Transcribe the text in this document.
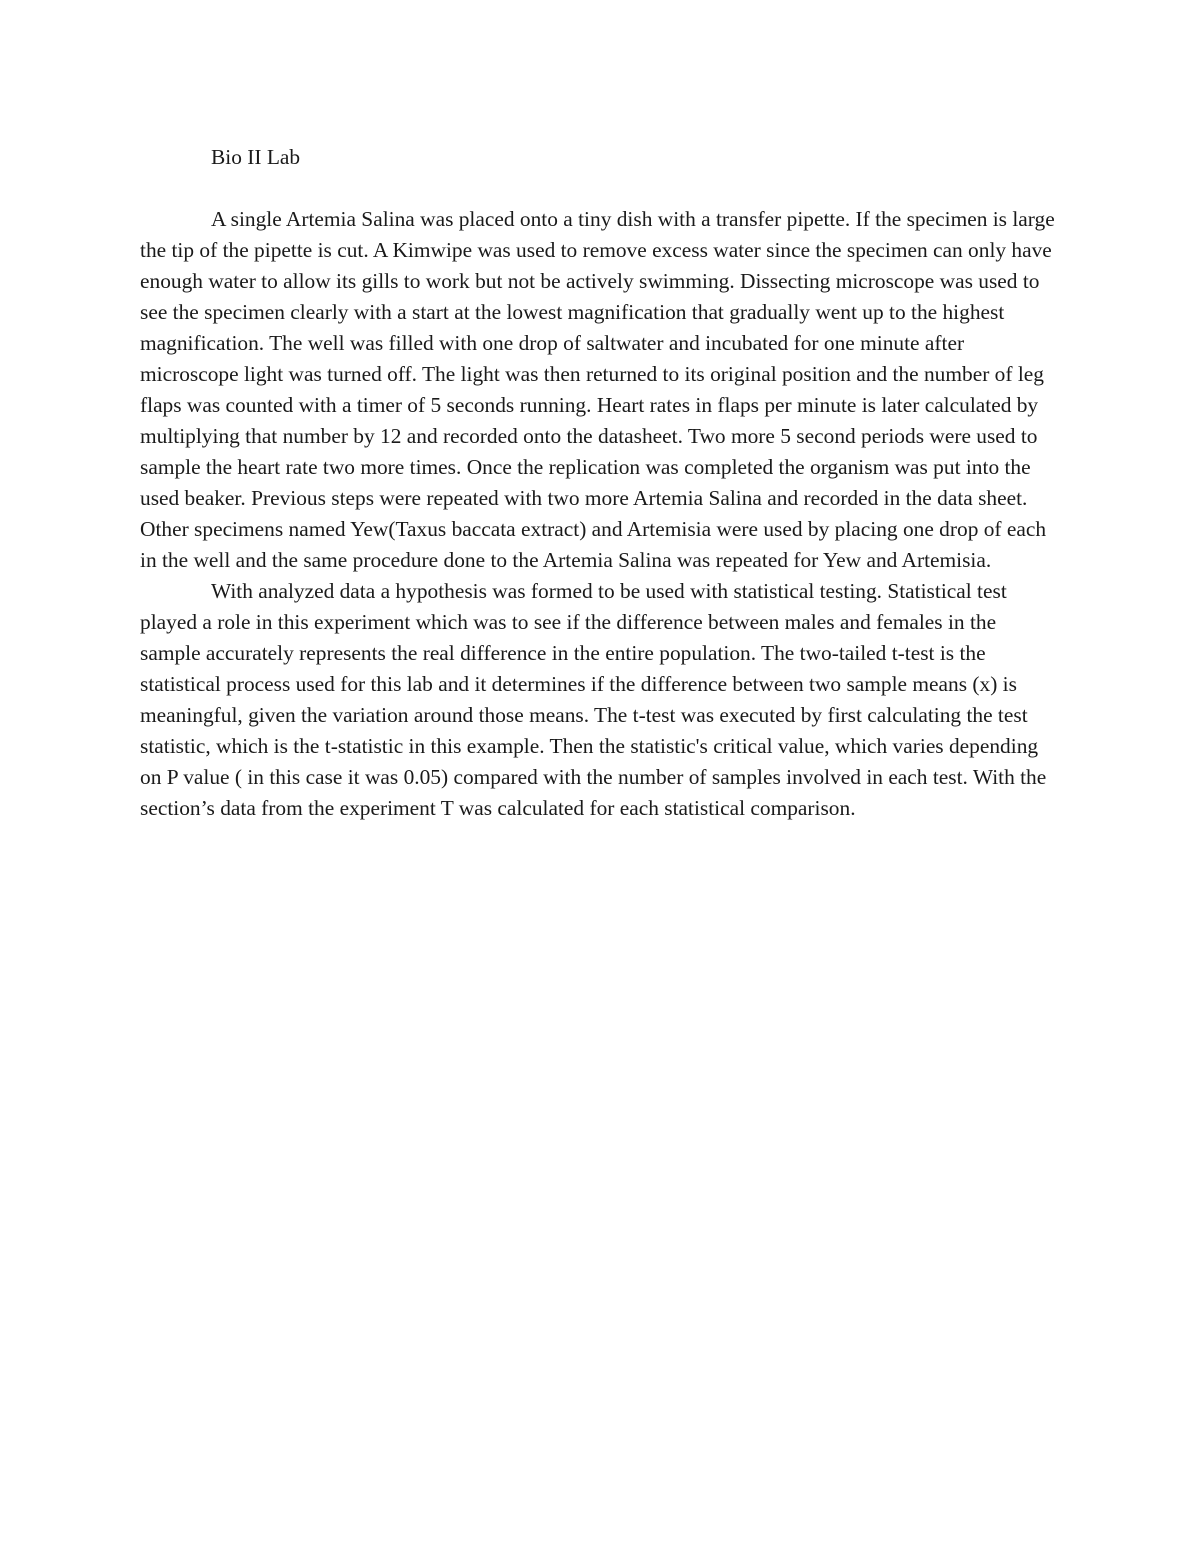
Bio II Lab

A single Artemia Salina was placed onto a tiny dish with a transfer pipette. If the specimen is large the tip of the pipette is cut. A Kimwipe was used to remove excess water since the specimen can only have enough water to allow its gills to work but not be actively swimming. Dissecting microscope was used to see the specimen clearly with a start at the lowest magnification that gradually went up to the highest magnification. The well was filled with one drop of saltwater and incubated for one minute after microscope light was turned off. The light was then returned to its original position and the number of leg flaps was counted with a timer of 5 seconds running. Heart rates in flaps per minute is later calculated by multiplying that number by 12 and recorded onto the datasheet. Two more 5 second periods were used to sample the heart rate two more times. Once the replication was completed the organism was put into the used beaker. Previous steps were repeated with two more Artemia Salina and recorded in the data sheet. Other specimens named Yew(Taxus baccata extract) and Artemisia were used by placing one drop of each in the well and the same procedure done to the Artemia Salina was repeated for Yew and Artemisia.

With analyzed data a hypothesis was formed to be used with statistical testing. Statistical test played a role in this experiment which was to see if the difference between males and females in the sample accurately represents the real difference in the entire population. The two-tailed t-test is the statistical process used for this lab and it determines if the difference between two sample means (x) is meaningful, given the variation around those means. The t-test was executed by first calculating the test statistic, which is the t-statistic in this example. Then the statistic's critical value, which varies depending on P value ( in this case it was 0.05) compared with the number of samples involved in each test. With the section’s data from the experiment T was calculated for each statistical comparison.
